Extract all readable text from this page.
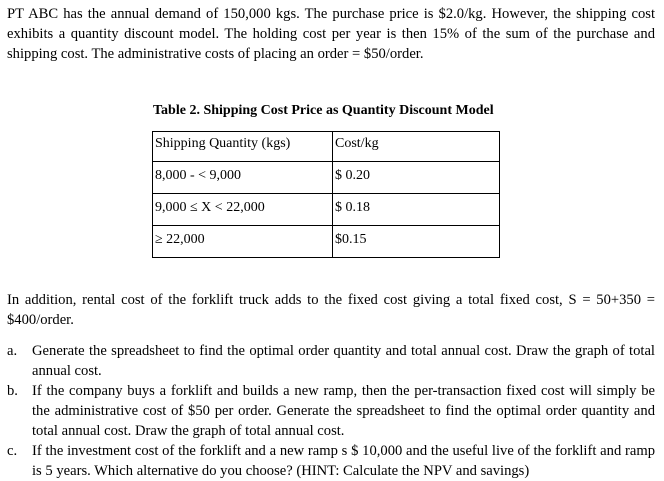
PT ABC has the annual demand of 150,000 kgs. The purchase price is $2.0/kg. However, the shipping cost exhibits a quantity discount model. The holding cost per year is then 15% of the sum of the purchase and shipping cost. The administrative costs of placing an order = $50/order.

Table 2. Shipping Cost Price as Quantity Discount Model

Shipping Quantity (kgs)	Cost/kg
8,000 - < 9,000	$ 0.20
9,000 ≤ X < 22,000	$ 0.18
≥ 22,000	$0.15

In addition, rental cost of the forklift truck adds to the fixed cost giving a total fixed cost, S = 50+350 = $400/order.

a. Generate the spreadsheet to find the optimal order quantity and total annual cost. Draw the graph of total annual cost.
b. If the company buys a forklift and builds a new ramp, then the per-transaction fixed cost will simply be the administrative cost of $50 per order. Generate the spreadsheet to find the optimal order quantity and total annual cost. Draw the graph of total annual cost.
c. If the investment cost of the forklift and a new ramp s $ 10,000 and the useful live of the forklift and ramp is 5 years. Which alternative do you choose? (HINT: Calculate the NPV and savings)
